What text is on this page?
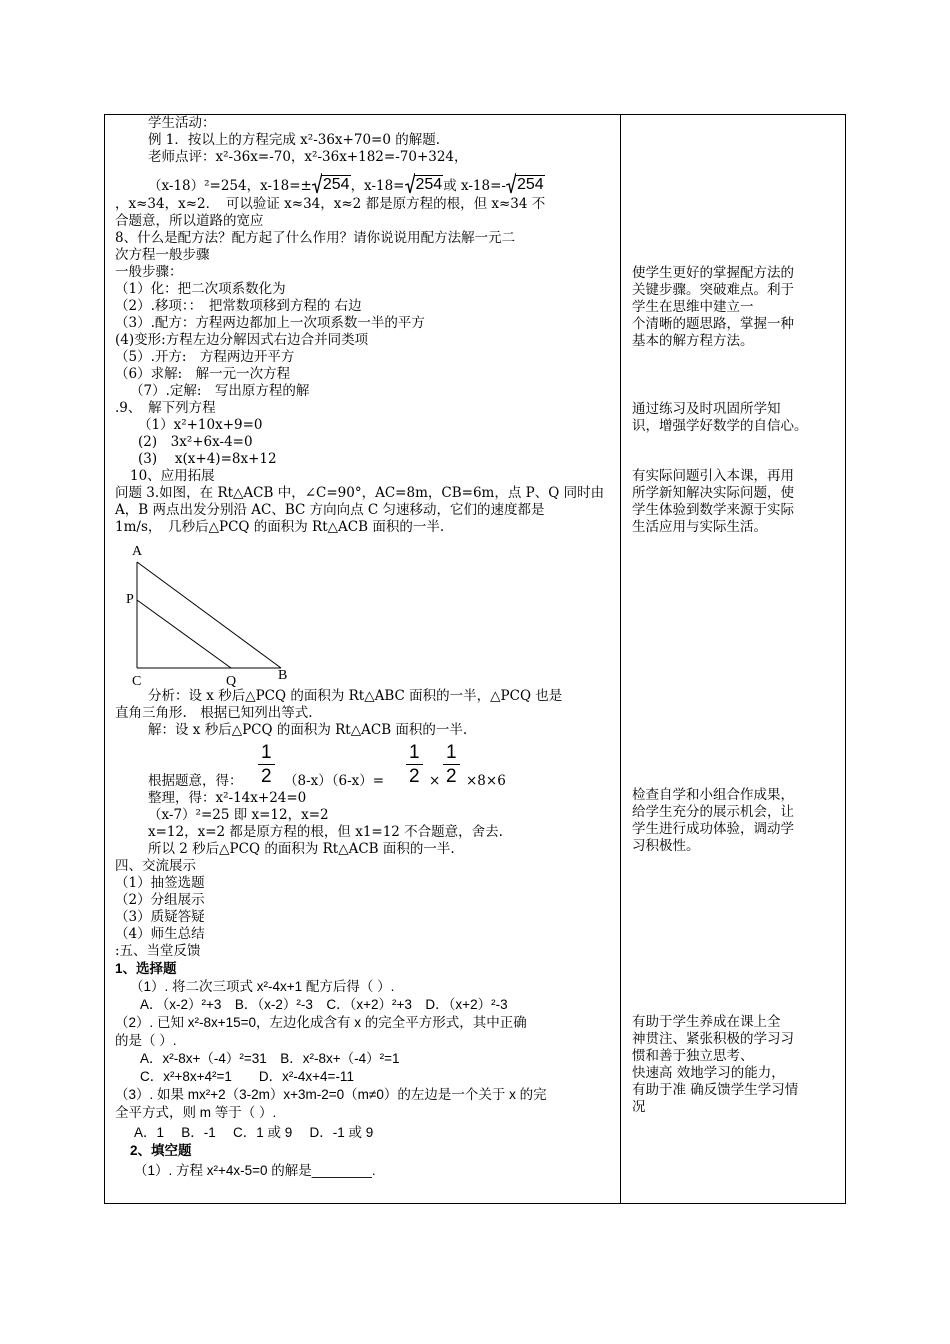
学生活动：
例 1．按以上的方程完成 x²-36x+70=0 的解题.
老师点评：x²-36x=-70，x²-36x+182=-70+324，
（x-18）²=254，x-18=± 254 ，x-18= 254 或 x-18=- 254
，x≈34，x≈2．　可以验证 x≈34，x≈2 都是原方程的根，但 x≈34 不
合题意，所以道路的宽应
8、什么是配方法？配方起了什么作用？请你说说用配方法解一元二
次方程一般步骤
一般步骤：
（1）化：把二次项系数化为
（2）.移项：：　把常数项移到方程的 右边
（3）.配方：方程两边都加上一次项系数一半的平方
(4)变形:方程左边分解因式右边合并同类项
（5）.开方:　方程两边开平方
（6）求解:　解一元一次方程
（7）.定解:　写出原方程的解
.9、　解下列方程
（1）x²+10x+9=0
(2)　3x²+6x-4=0
(3)　 x(x+4)=8x+12
10、应用拓展
问题 3.如图，在 Rt△ACB 中，∠C=90°，AC=8m，CB=6m，点 P、Q 同时由
A，B 两点出发分别沿 AC、BC 方向向点 C 匀速移动，它们的速度都是
1m/s，　几秒后△PCQ 的面积为 Rt△ACB 面积的一半.
A
P
C	Q	B
分析：设 x 秒后△PCQ 的面积为 Rt△ABC 面积的一半，△PCQ 也是
直角三角形.　根据已知列出等式.
解：设 x 秒后△PCQ 的面积为 Rt△ACB 面积的一半.
$\frac{1}{2}$	$\frac{1}{2} \frac{1}{2}$
根据题意，得：	（8-x）（6-x）=	× ×8×6
整理，得：x²-14x+24=0
（x-7）²=25 即 x=12，x=2
x=12，x=2 都是原方程的根，但 x1=12 不合题意，舍去.
所以 2 秒后△PCQ 的面积为 Rt△ACB 面积的一半.
四、交流展示
（1）抽签选题
（2）分组展示
（3）质疑答疑
（4）师生总结
:五、当堂反馈
1、选择题
（1）. 将二次三项式 x²-4x+1 配方后得（ ）.
A．（x-2）²+3　B．（x-2）²-3　C．（x+2）²+3　D．（x+2）²-3
（2）. 已知 x²-8x+15=0，左边化成含有 x 的完全平方形式，其中正确
的是（ ）.
A．x²-8x+（-4）²=31　B．x²-8x+（-4）²=1
C．x²+8x+4²=1　　D．x²-4x+4=-11
（3）. 如果 mx²+2（3-2m）x+3m-2=0（m≠0）的左边是一个关于 x 的完
全平方式，则 m 等于（ ）.
A．1　 B．-1　 C．1 或 9　 D．-1 或 9
2、填空题
（1）. 方程 x²+4x-5=0 的解是________.
使学生更好的掌握配方法的
关键步骤。突破难点。利于
学生在思维中建立一
个清晰的题思路，掌握一种
基本的解方程方法。
通过练习及时巩固所学知
识，增强学好数学的自信心。
有实际问题引入本课，再用
所学新知解决实际问题，使
学生体验到数学来源于实际
生活应用与实际生活。
检查自学和小组合作成果，
给学生充分的展示机会，让
学生进行成功体验，调动学
习积极性。
有助于学生养成在课上全
神贯注、紧张积极的学习习
惯和善于独立思考、
快速高 效地学习的能力，
有助于准 确反馈学生学习情
况
